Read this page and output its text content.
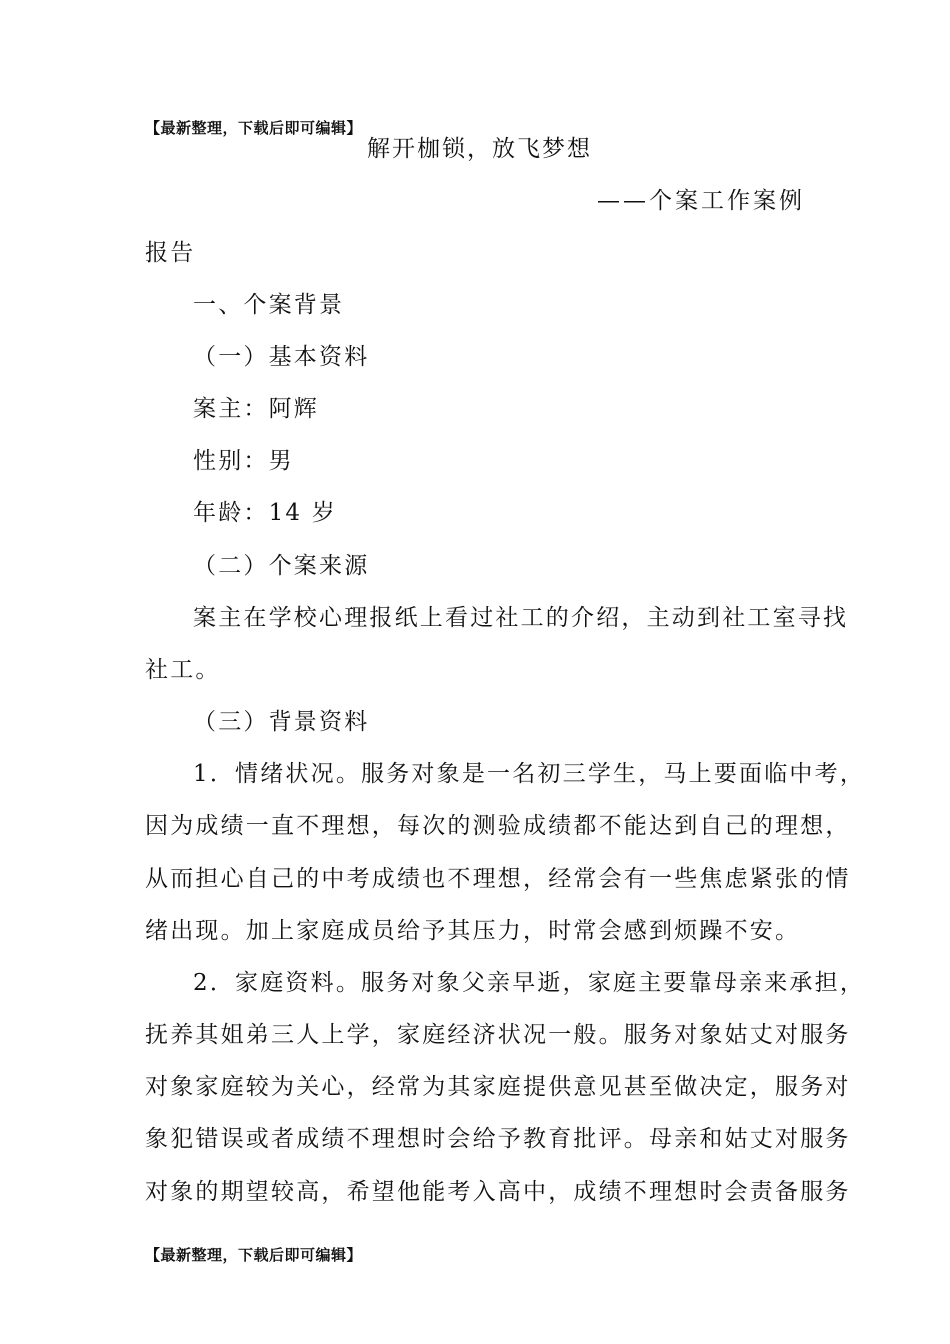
【最新整理，下载后即可编辑】
解开枷锁，放飞梦想
——个案工作案例
报告
一、个案背景
（一）基本资料
案主：阿辉
性别：男
年龄：14 岁
（二）个案来源
案主在学校心理报纸上看过社工的介绍，主动到社工室寻找
社工。
（三）背景资料
1．情绪状况。服务对象是一名初三学生，马上要面临中考，
因为成绩一直不理想，每次的测验成绩都不能达到自己的理想，
从而担心自己的中考成绩也不理想，经常会有一些焦虑紧张的情
绪出现。加上家庭成员给予其压力，时常会感到烦躁不安。
2．家庭资料。服务对象父亲早逝，家庭主要靠母亲来承担，
抚养其姐弟三人上学，家庭经济状况一般。服务对象姑丈对服务
对象家庭较为关心，经常为其家庭提供意见甚至做决定，服务对
象犯错误或者成绩不理想时会给予教育批评。母亲和姑丈对服务
对象的期望较高，希望他能考入高中，成绩不理想时会责备服务
【最新整理，下载后即可编辑】
